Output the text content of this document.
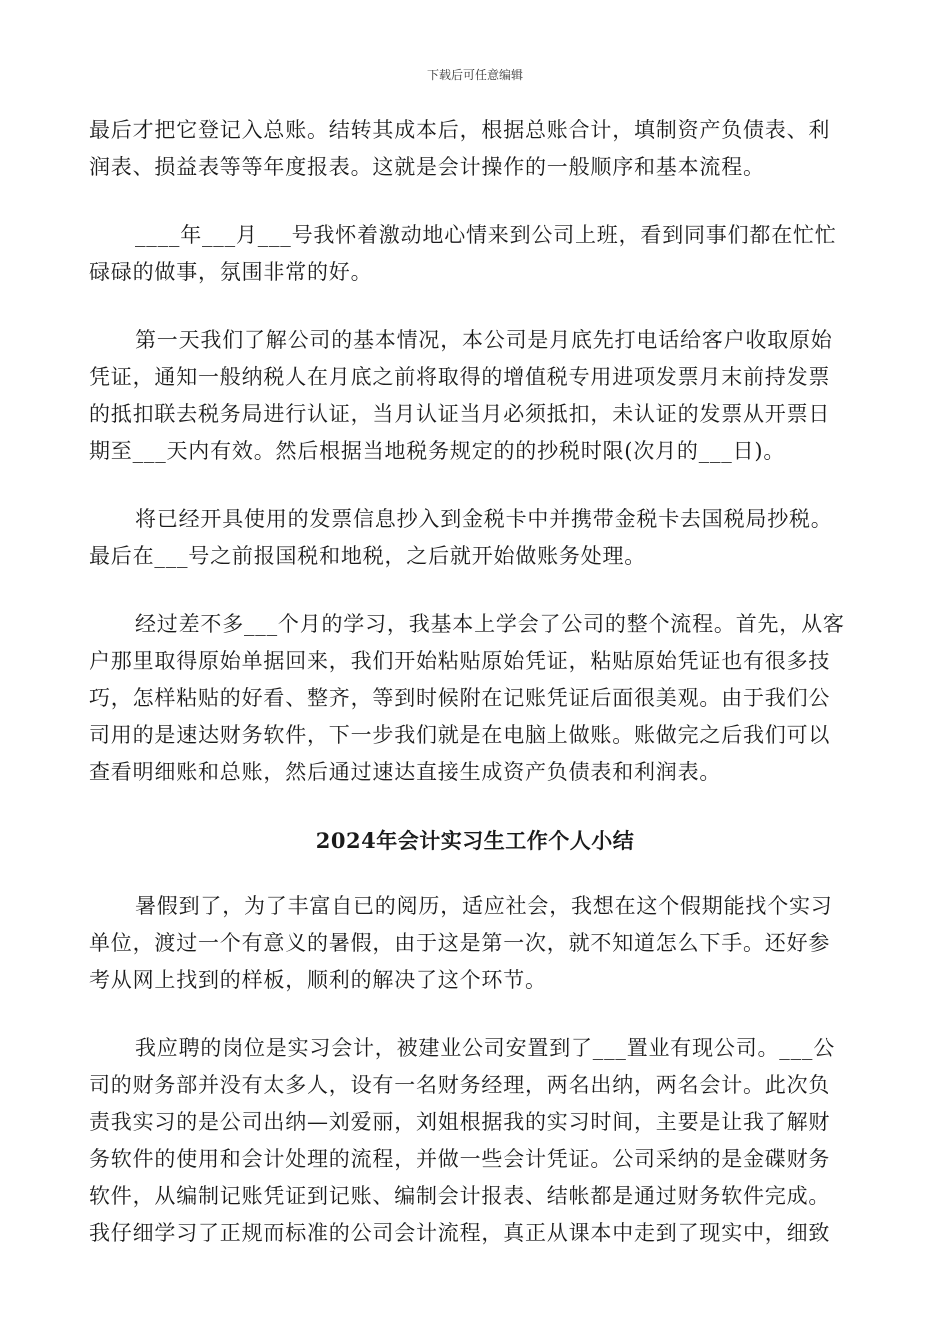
下载后可任意编辑

最后才把它登记入总账。结转其成本后，根据总账合计，填制资产负债表、利
润表、损益表等等年度报表。这就是会计操作的一般顺序和基本流程。

____年___月___号我怀着激动地心情来到公司上班，看到同事们都在忙忙
碌碌的做事，氛围非常的好。

第一天我们了解公司的基本情况，本公司是月底先打电话给客户收取原始
凭证，通知一般纳税人在月底之前将取得的增值税专用进项发票月末前持发票
的抵扣联去税务局进行认证，当月认证当月必须抵扣，未认证的发票从开票日
期至___天内有效。然后根据当地税务规定的的抄税时限(次月的___日)。

将已经开具使用的发票信息抄入到金税卡中并携带金税卡去国税局抄税。
最后在___号之前报国税和地税，之后就开始做账务处理。

经过差不多___个月的学习，我基本上学会了公司的整个流程。首先，从客
户那里取得原始单据回来，我们开始粘贴原始凭证，粘贴原始凭证也有很多技
巧，怎样粘贴的好看、整齐，等到时候附在记账凭证后面很美观。由于我们公
司用的是速达财务软件，下一步我们就是在电脑上做账。账做完之后我们可以
查看明细账和总账，然后通过速达直接生成资产负债表和利润表。

2024年会计实习生工作个人小结

暑假到了，为了丰富自已的阅历，适应社会，我想在这个假期能找个实习
单位，渡过一个有意义的暑假，由于这是第一次，就不知道怎么下手。还好参
考从网上找到的样板，顺利的解决了这个环节。

我应聘的岗位是实习会计，被建业公司安置到了___置业有现公司。___公
司的财务部并没有太多人，设有一名财务经理，两名出纳，两名会计。此次负
责我实习的是公司出纳—刘爱丽，刘姐根据我的实习时间，主要是让我了解财
务软件的使用和会计处理的流程，并做一些会计凭证。公司采纳的是金碟财务
软件，从编制记账凭证到记账、编制会计报表、结帐都是通过财务软件完成。
我仔细学习了正规而标准的公司会计流程，真正从课本中走到了现实中，细致
